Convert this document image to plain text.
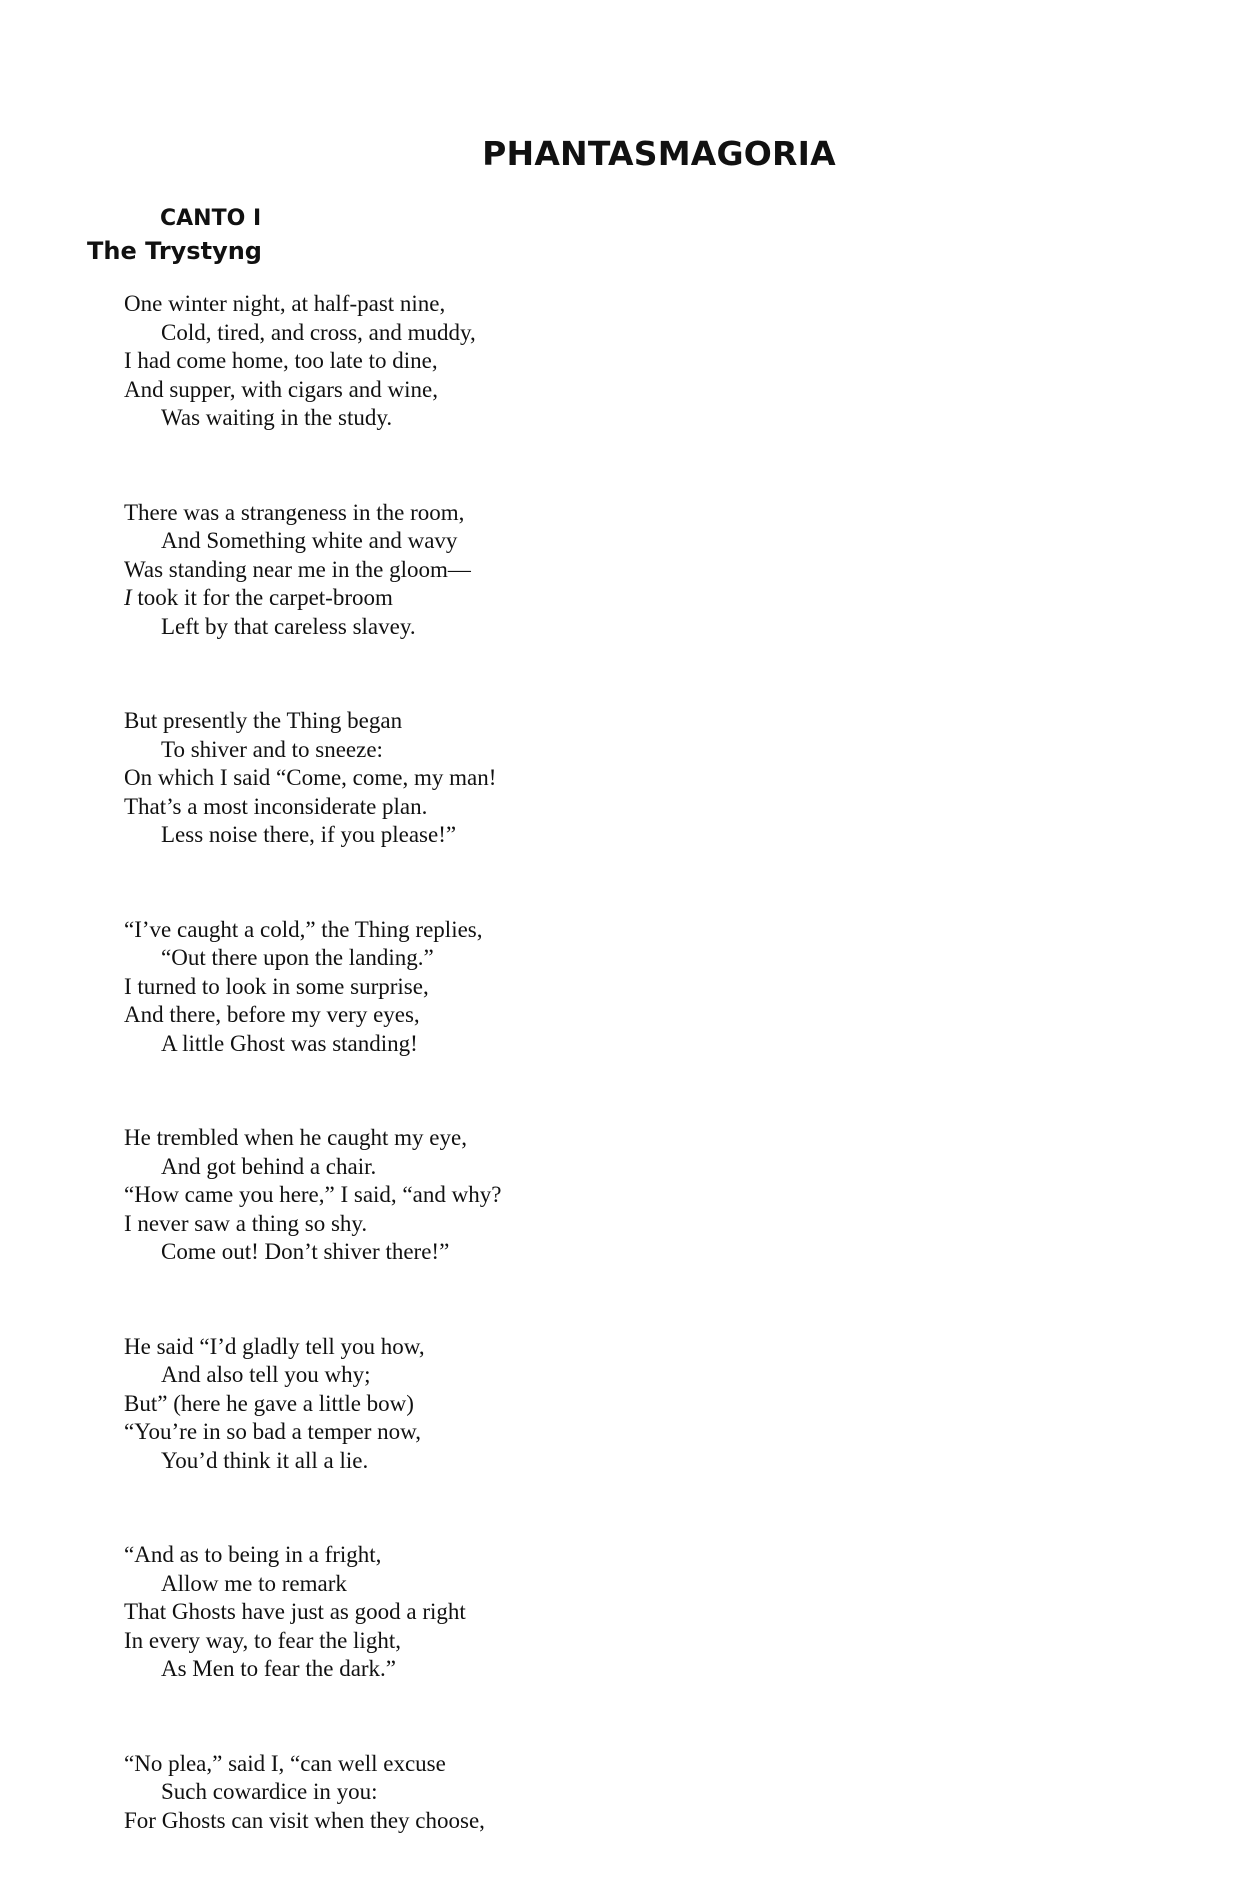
PHANTASMAGORIA
CANTO I
The Trystyng
One winter night, at half-past nine,
Cold, tired, and cross, and muddy,
I had come home, too late to dine,
And supper, with cigars and wine,
Was waiting in the study.
There was a strangeness in the room,
And Something white and wavy
Was standing near me in the gloom—
I took it for the carpet-broom
Left by that careless slavey.
But presently the Thing began
To shiver and to sneeze:
On which I said “Come, come, my man!
That’s a most inconsiderate plan.
Less noise there, if you please!”
“I’ve caught a cold,” the Thing replies,
“Out there upon the landing.”
I turned to look in some surprise,
And there, before my very eyes,
A little Ghost was standing!
He trembled when he caught my eye,
And got behind a chair.
“How came you here,” I said, “and why?
I never saw a thing so shy.
Come out! Don’t shiver there!”
He said “I’d gladly tell you how,
And also tell you why;
But” (here he gave a little bow)
“You’re in so bad a temper now,
You’d think it all a lie.
“And as to being in a fright,
Allow me to remark
That Ghosts have just as good a right
In every way, to fear the light,
As Men to fear the dark.”
“No plea,” said I, “can well excuse
Such cowardice in you:
For Ghosts can visit when they choose,
